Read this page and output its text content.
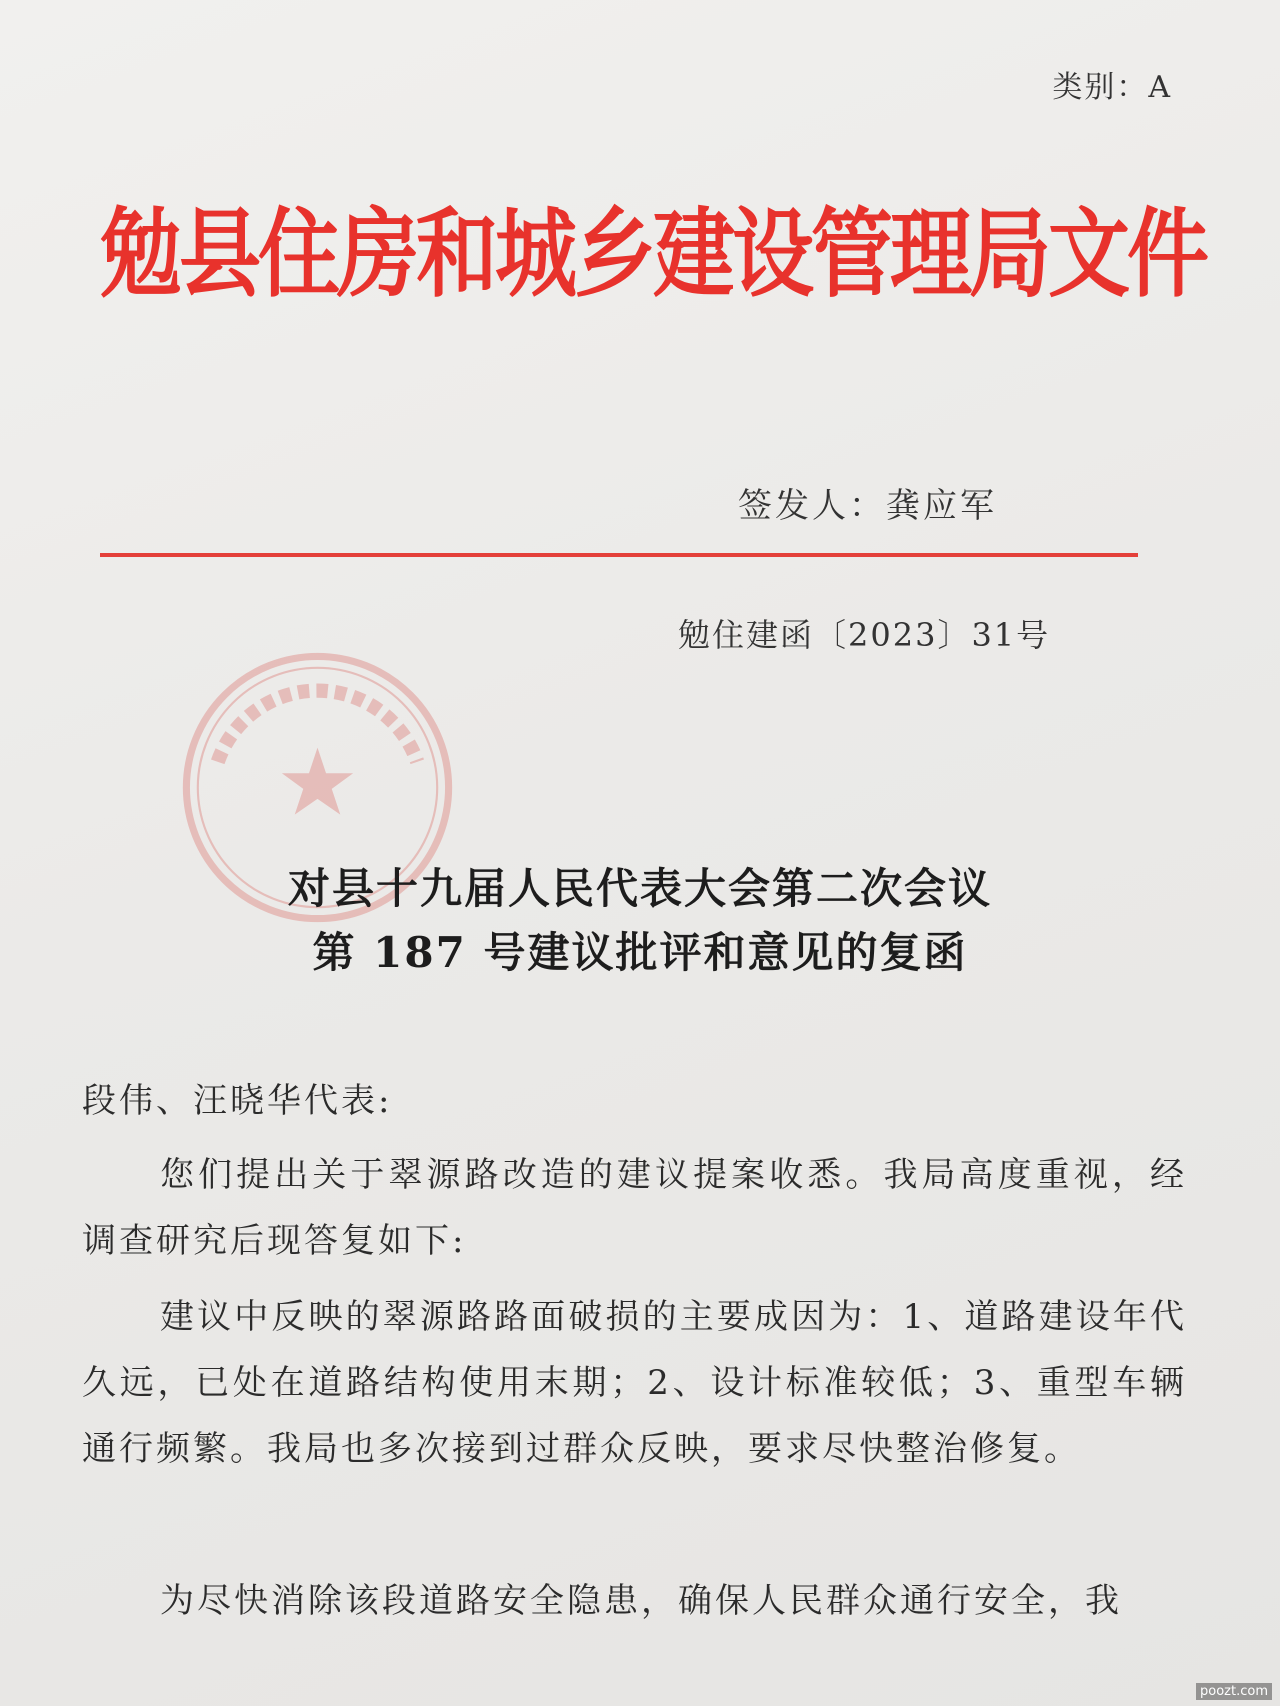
类别：A
勉县住房和城乡建设管理局文件
签发人：龚应军
勉住建函〔2023〕31号
对县十九届人民代表大会第二次会议
第 187 号建议批评和意见的复函
段伟、汪晓华代表:
您们提出关于翠源路改造的建议提案收悉。我局高度重视，经调查研究后现答复如下:
建议中反映的翠源路路面破损的主要成因为：1、道路建设年代久远，已处在道路结构使用末期；2、设计标准较低；3、重型车辆通行频繁。我局也多次接到过群众反映，要求尽快整治修复。
为尽快消除该段道路安全隐患，确保人民群众通行安全，我
poozt.com
